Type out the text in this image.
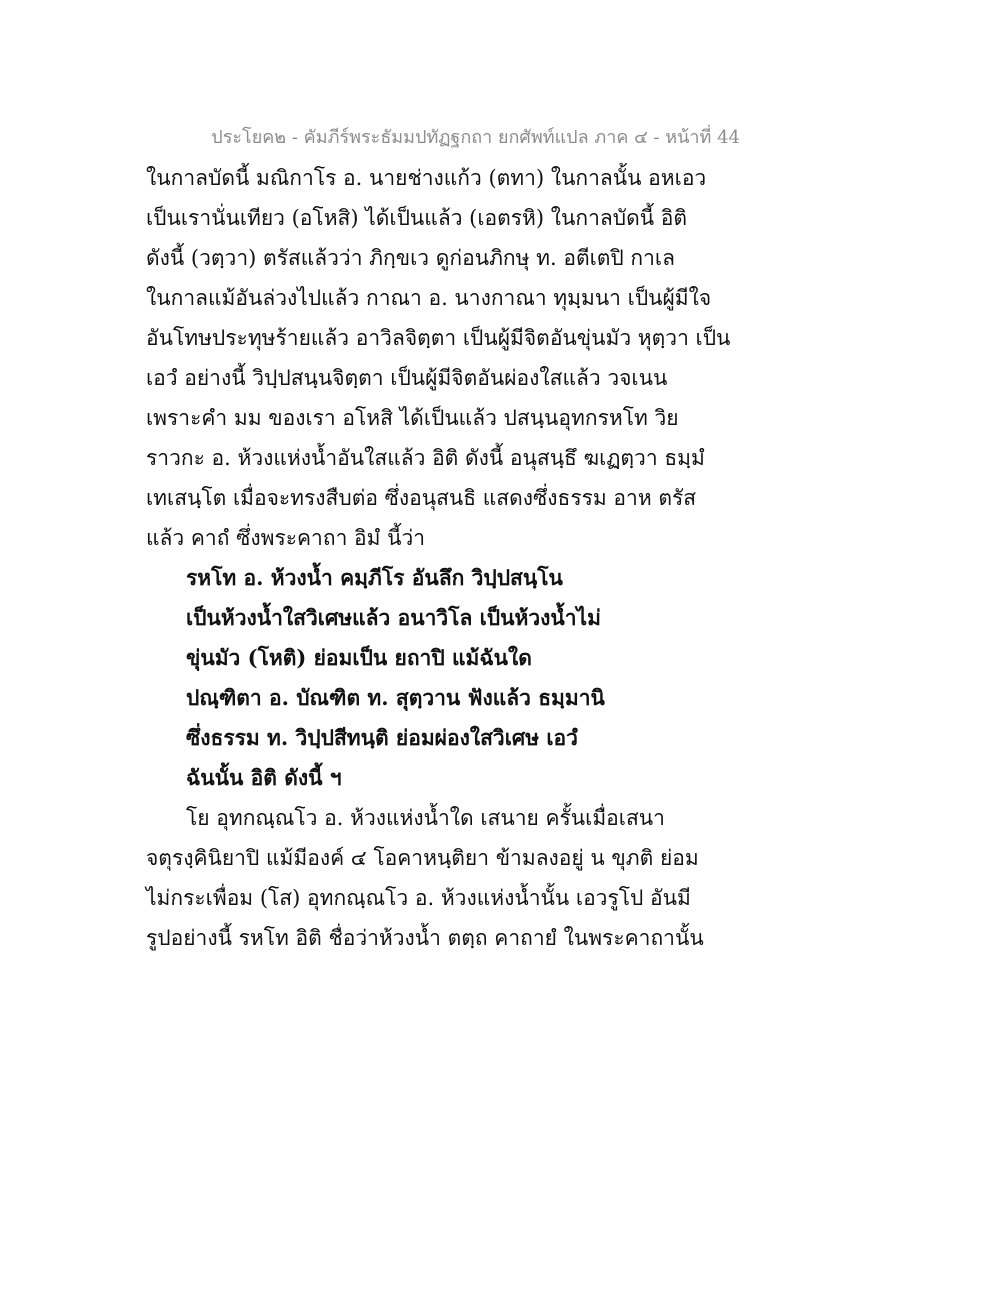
ประโยค๒ - คัมภีร์พระธัมมปทัฏฐกถา ยกศัพท์แปล ภาค ๔ - หน้าที่ 44
ในกาลบัดนี้ มณิกาโร อ. นายช่างแก้ว (ตทา) ในกาลนั้น อหเอว
เป็นเรานั่นเทียว (อโหสิ) ได้เป็นแล้ว (เอตรหิ) ในกาลบัดนี้ อิติ
ดังนี้ (วตฺวา) ตรัสแล้วว่า ภิกฺขเว ดูก่อนภิกษุ ท. อตีเตปิ กาเล
ในกาลแม้อันล่วงไปแล้ว กาณา อ. นางกาณา ทุมฺมนา เป็นผู้มีใจ
อันโทษประทุษร้ายแล้ว อาวิลจิตฺตา เป็นผู้มีจิตอันขุ่นมัว หุตฺวา เป็น
เอวํ อย่างนี้ วิปฺปสนฺนจิตฺตา เป็นผู้มีจิตอันผ่องใสแล้ว วจเนน
เพราะคำ มม ของเรา อโหสิ ได้เป็นแล้ว ปสนฺนอุทกรหโท วิย
ราวกะ อ. ห้วงแห่งน้ำอันใสแล้ว อิติ ดังนี้ อนุสนฺธึ ฆเฏตฺวา ธมฺมํ
เทเสนฺโต เมื่อจะทรงสืบต่อ ซึ่งอนุสนธิ แสดงซึ่งธรรม อาห ตรัส
แล้ว คาถํ ซึ่งพระคาถา อิมํ นี้ว่า
รหโท อ. ห้วงน้ำ คมฺภีโร อันลึก วิปฺปสนฺโน
เป็นห้วงน้ำใสวิเศษแล้ว อนาวิโล เป็นห้วงน้ำไม่
ขุ่นมัว (โหติ) ย่อมเป็น ยถาปิ แม้ฉันใด
ปณฺฑิตา อ. บัณฑิต ท. สุตฺวาน ฟังแล้ว ธมฺมานิ
ซึ่งธรรม ท. วิปฺปสีทนฺติ ย่อมผ่องใสวิเศษ เอวํ
ฉันนั้น อิติ ดังนี้ ฯ
โย อุทกณฺณโว อ. ห้วงแห่งน้ำใด เสนาย ครั้นเมื่อเสนา
จตุรงฺคินิยาปิ แม้มีองค์ ๔ โอคาหนฺติยา ข้ามลงอยู่ น ขุภติ ย่อม
ไม่กระเพื่อม (โส) อุทกณฺณโว อ. ห้วงแห่งน้ำนั้น เอวรูโป อันมี
รูปอย่างนี้ รหโท อิติ ชื่อว่าห้วงน้ำ ตตฺถ คาถายํ ในพระคาถานั้น
